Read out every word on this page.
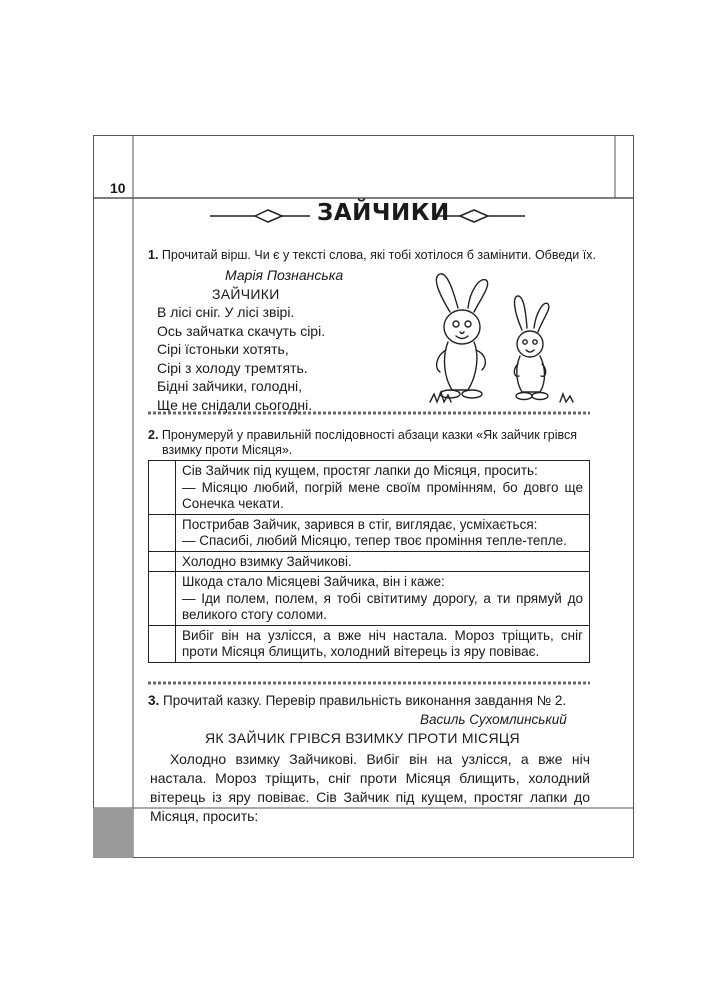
10
ЗАЙЧИКИ
1. Прочитай вірш. Чи є у тексті слова, які тобі хотілося б замінити. Обведи їх.
Марія Познанська
ЗАЙЧИКИ
В лісі сніг. У лісі звірі.
Ось зайчатка скачуть сірі.
Сірі їстоньки хотять,
Сірі з холоду тремтять.
Бідні зайчики, голодні,
Ще не снідали сьогодні.
2. Пронумеруй у правильній послідовності абзаци казки «Як зайчик грівся
взимку проти Місяця».

	Сів Зайчик під кущем, простяг лапки до Місяця, просить:
— Місяцю любий, погрій мене своїм промінням, бо довго ще Сонечка чекати.

	Пострибав Зайчик, зарився в стіг, виглядає, усміхається:
— Спасибі, любий Місяцю, тепер твоє проміння тепле-тепле.

	Холодно взимку Зайчикові.

	Шкода стало Місяцеві Зайчика, він і каже:
— Іди полем, полем, я тобі світитиму дорогу, а ти прямуй до великого стогу соломи.

	Вибіг він на узлісся, а вже ніч настала. Мороз тріщить, сніг проти Місяця блищить, холодний вітерець із яру повіває.
3. Прочитай казку. Перевір правильність виконання завдання № 2.
Василь Сухомлинський
ЯК ЗАЙЧИК ГРІВСЯ ВЗИМКУ ПРОТИ МІСЯЦЯ
Холодно взимку Зайчикові. Вибіг він на узлісся, а вже ніч настала. Мороз тріщить, сніг проти Місяця блищить, холодний вітерець із яру повіває. Сів Зайчик під кущем, простяг лапки до Місяця, просить:
